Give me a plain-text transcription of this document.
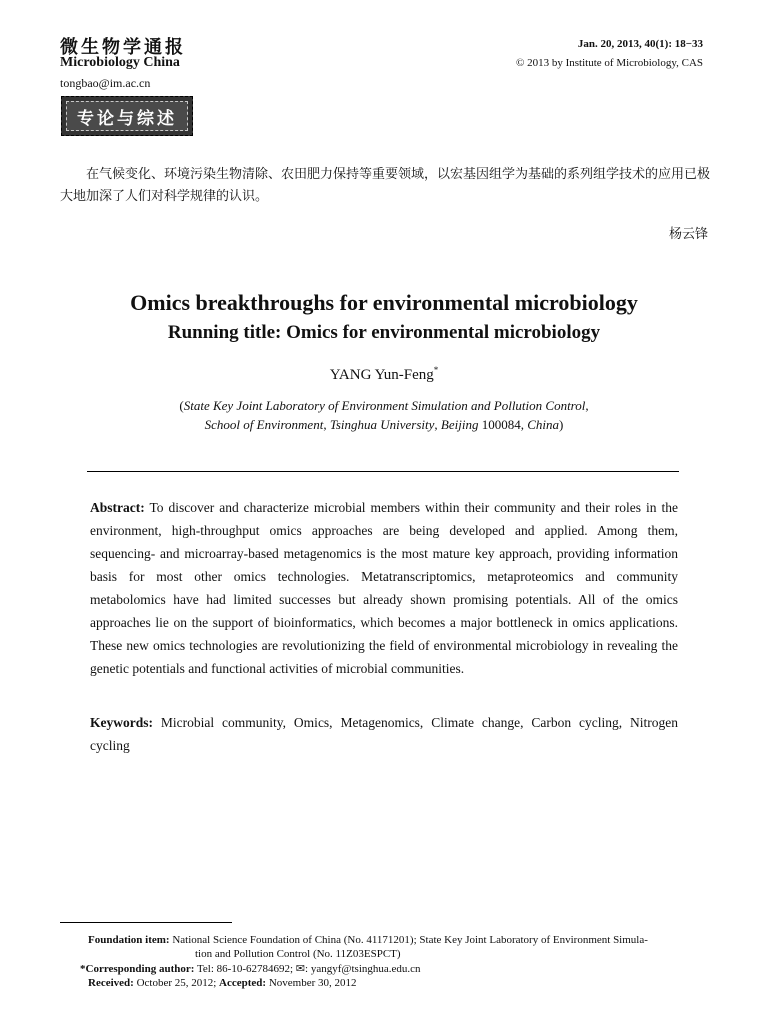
微生物学通报
Microbiology China
tongbao@im.ac.cn
Jan. 20, 2013, 40(1): 18−33
© 2013 by Institute of Microbiology, CAS
专论与综述
在气候变化、环境污染生物清除、农田肥力保持等重要领域，以宏基因组学为基础的系列组学技术的应用已极大地加深了人们对科学规律的认识。
杨云锋
Omics breakthroughs for environmental microbiology
Running title: Omics for environmental microbiology
YANG Yun-Feng*
(State Key Joint Laboratory of Environment Simulation and Pollution Control,
School of Environment, Tsinghua University, Beijing 100084, China)
Abstract: To discover and characterize microbial members within their community and their roles in the environment, high-throughput omics approaches are being developed and applied. Among them, sequencing- and microarray-based metagenomics is the most mature key approach, providing information basis for most other omics technologies. Metatranscriptomics, metaproteomics and community metabolomics have had limited successes but already shown promising potentials. All of the omics approaches lie on the support of bioinformatics, which becomes a major bottleneck in omics applications. These new omics technologies are revolutionizing the field of environmental microbiology in revealing the genetic potentials and functional activities of microbial communities.
Keywords: Microbial community, Omics, Metagenomics, Climate change, Carbon cycling, Nitrogen cycling
Foundation item: National Science Foundation of China (No. 41171201); State Key Joint Laboratory of Environment Simula-
tion and Pollution Control (No. 11Z03ESPCT)
*Corresponding author: Tel: 86-10-62784692; ✉: yangyf@tsinghua.edu.cn
Received: October 25, 2012; Accepted: November 30, 2012
